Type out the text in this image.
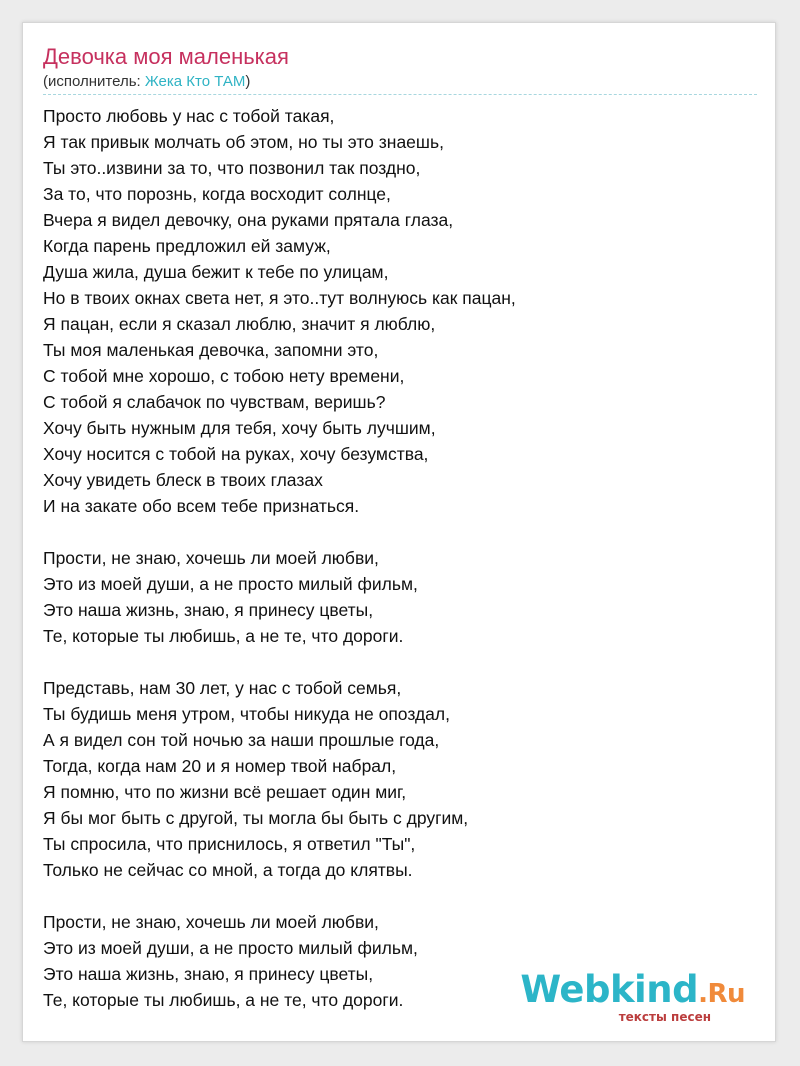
Девочка моя маленькая
(исполнитель: Жека Кто ТАМ)
Просто любовь у нас с тобой такая,
Я так привык молчать об этом, но ты это знаешь,
Ты это..извини за то, что позвонил так поздно,
За то, что порознь, когда восходит солнце,
Вчера я видел девочку, она руками прятала глаза,
Когда парень предложил ей замуж,
Душа жила, душа бежит к тебе по улицам,
Но в твоих окнах света нет, я это..тут волнуюсь как пацан,
Я пацан, если я сказал люблю, значит я люблю,
Ты моя маленькая девочка, запомни это,
С тобой мне хорошо, с тобою нету времени,
С тобой я слабачок по чувствам, веришь?
Хочу быть нужным для тебя, хочу быть лучшим,
Хочу носится с тобой на руках, хочу безумства,
Хочу увидеть блеск в твоих глазах
И на закате обо всем тебе признаться.
Прости, не знаю, хочешь ли моей любви,
Это из моей души, а не просто милый фильм,
Это наша жизнь, знаю, я принесу цветы,
Те, которые ты любишь, а не те, что дороги.
Представь, нам 30 лет, у нас с тобой семья,
Ты будишь меня утром, чтобы никуда не опоздал,
А я видел сон той ночью за наши прошлые года,
Тогда, когда нам 20 и я номер твой набрал,
Я помню, что по жизни всё решает один миг,
Я бы мог быть с другой, ты могла бы быть с другим,
Ты спросила, что приснилось, я ответил "Ты",
Только не сейчас со мной, а тогда до клятвы.
Прости, не знаю, хочешь ли моей любви,
Это из моей души, а не просто милый фильм,
Это наша жизнь, знаю, я принесу цветы,
Те, которые ты любишь, а не те, что дороги.	Webkind.Ru
тексты песен
